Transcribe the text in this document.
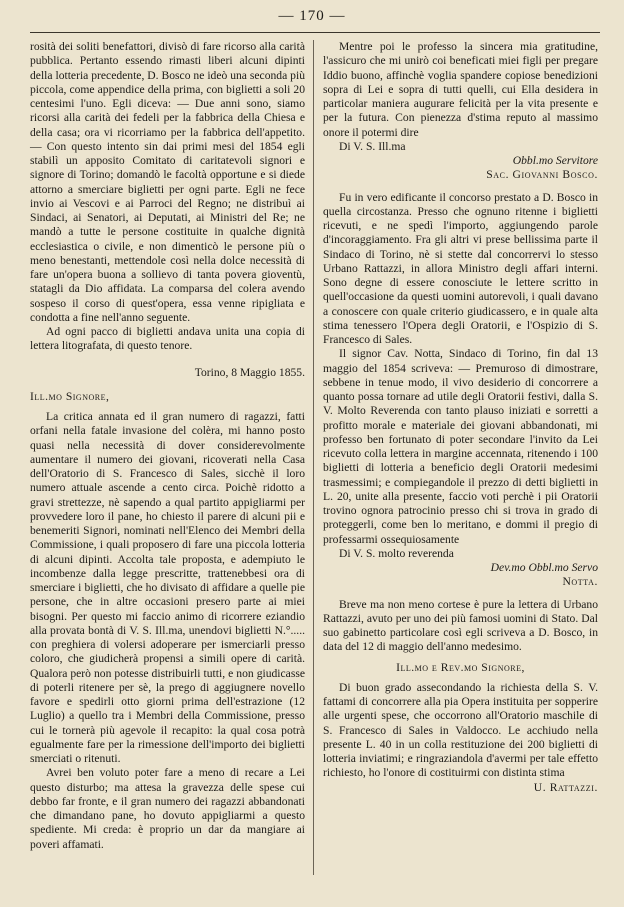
— 170 —

rosità dei soliti benefattori, divisò di fare ricorso alla carità pubblica. Pertanto essendo rimasti liberi alcuni dipinti della lotteria precedente, D. Bosco ne ideò una seconda più piccola, come appendice della prima, con biglietti a soli 20 centesimi l'uno. Egli diceva: — Due anni sono, siamo ricorsi alla carità dei fedeli per la fabbrica della Chiesa e della casa; ora vi ricorriamo per la fabbrica dell'appetito. — Con questo intento sin dai primi mesi del 1854 egli stabilì un apposito Comitato di caritatevoli signori e signore di Torino; domandò le facoltà opportune e si diede attorno a smerciare biglietti per ogni parte. Egli ne fece invio ai Vescovi e ai Parroci del Regno; ne distribuì ai Sindaci, ai Senatori, ai Deputati, ai Ministri del Re; ne mandò a tutte le persone costituite in qualche dignità ecclesiastica o civile, e non dimenticò le persone più o meno benestanti, mettendole così nella dolce necessità di fare un'opera buona a sollievo di tanta povera gioventù, statagli da Dio affidata. La comparsa del colera avendo sospeso il corso di quest'opera, essa venne ripigliata e condotta a fine nell'anno seguente.

Ad ogni pacco di biglietti andava unita una copia di lettera litografata, di questo tenore.

Torino, 8 Maggio 1855.

Ill.mo Signore,

La critica annata ed il gran numero di ragazzi, fatti orfani nella fatale invasione del colèra, mi hanno posto quasi nella necessità di dover considerevolmente aumentare il numero dei giovani, ricoverati nella Casa dell'Oratorio di S. Francesco di Sales, sicchè il loro numero attuale ascende a cento circa. Poichè ridotto a gravi strettezze, nè sapendo a qual partito appigliarmi per provvedere loro il pane, ho chiesto il parere di alcuni pii e benemeriti Signori, nominati nell'Elenco dei Membri della Commissione, i quali proposero di fare una piccola lotteria di alcuni dipinti. Accolta tale proposta, e adempiuto le incombenze dalla legge prescritte, trattenebbesi ora di smerciare i biglietti, che ho divisato di affidare a quelle pie persone, che in altre occasioni presero parte ai miei bisogni. Per questo mi faccio animo di ricorrere eziandio alla provata bontà di V. S. Ill.ma, unendovi biglietti N.°..... con preghiera di volersi adoperare per ismerciarli presso coloro, che giudicherà propensi a simili opere di carità. Qualora però non potesse distribuirli tutti, e non giudicasse di poterli ritenere per sè, la prego di aggiugnere novello favore e spedirli otto giorni prima dell'estrazione (12 Luglio) a quello tra i Membri della Commissione, presso cui le tornerà più agevole il recapito: la qual cosa potrà egualmente fare per la rimessione dell'importo dei biglietti smerciati o ritenuti.

Avrei ben voluto poter fare a meno di recare a Lei questo disturbo; ma attesa la gravezza delle spese cui debbo far fronte, e il gran numero dei ragazzi abbandonati che dimandano pane, ho dovuto appigliarmi a questo spediente. Mi creda: è proprio un dar da mangiare ai poveri affamati.

Mentre poi le professo la sincera mia gratitudine, l'assicuro che mi unirò coi beneficati miei figli per pregare Iddio buono, affinchè voglia spandere copiose benedizioni sopra di Lei e sopra di tutti quelli, cui Ella desidera in particolar maniera augurare felicità per la vita presente e per la futura. Con pienezza d'stima reputo al massimo onore il potermi dire

Di V. S. Ill.ma

Obbl.mo Servitore

Sac. Giovanni Bosco.

Fu in vero edificante il concorso prestato a D. Bosco in quella circostanza. Presso che ognuno ritenne i biglietti ricevuti, e ne spedì l'importo, aggiungendo parole d'incoraggiamento. Fra gli altri vi prese bellissima parte il Sindaco di Torino, nè si stette dal concorrervi lo stesso Urbano Rattazzi, in allora Ministro degli affari interni. Sono degne di essere conosciute le lettere scritto in quell'occasione da questi uomini autorevoli, i quali davano a conoscere con quale criterio giudicassero, e in quale alta stima tenessero l'Opera degli Oratorii, e l'Ospizio di S. Francesco di Sales.

Il signor Cav. Notta, Sindaco di Torino, fin dal 13 maggio del 1854 scriveva: — Premuroso di dimostrare, sebbene in tenue modo, il vivo desiderio di concorrere a quanto possa tornare ad utile degli Oratorii festivi, dalla S. V. Molto Reverenda con tanto plauso iniziati e sorretti a profitto morale e materiale dei giovani abbandonati, mi professo ben fortunato di poter secondare l'invito da Lei ricevuto colla lettera in margine accennata, ritenendo i 100 biglietti di lotteria a beneficio degli Oratorii medesimi trasmessimi; e compiegandole il prezzo di detti biglietti in L. 20, unite alla presente, faccio voti perchè i pii Oratorii trovino ognora patrocinio presso chi si trova in grado di proteggerli, come ben lo meritano, e dommi il pregio di professarmi ossequiosamente

Di V. S. molto reverenda

Dev.mo Obbl.mo Servo

Notta.

Breve ma non meno cortese è pure la lettera di Urbano Rattazzi, avuto per uno dei più famosi uomini di Stato. Dal suo gabinetto particolare così egli scriveva a D. Bosco, in data del 12 di maggio dell'anno medesimo.

Ill.mo e Rev.mo Signore,

Di buon grado assecondando la richiesta della S. V. fattami di concorrere alla pia Opera instituita per sopperire alle urgenti spese, che occorrono all'Oratorio maschile di S. Francesco di Sales in Valdocco. Le acchiudo nella presente L. 40 in un colla restituzione dei 200 biglietti di lotteria inviatimi; e ringraziandola d'avermi per tale effetto richiesto, ho l'onore di costituirmi con distinta stima

U. Rattazzi.
